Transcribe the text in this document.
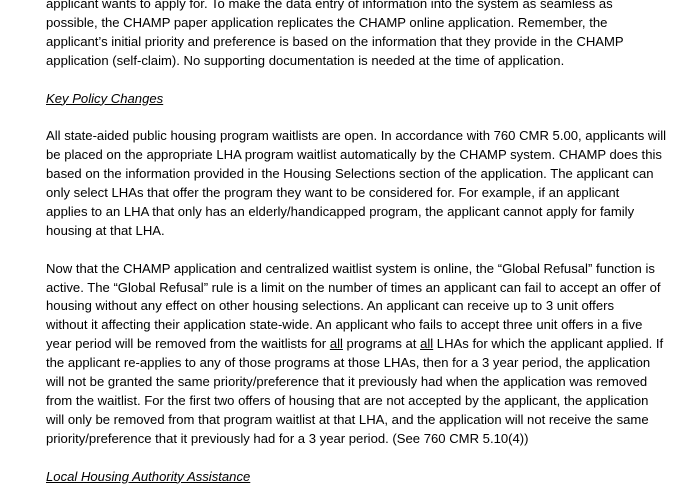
applicant wants to apply for. To make the data entry of information into the system as seamless as

possible, the CHAMP paper application replicates the CHAMP online application. Remember, the

applicant’s initial priority and preference is based on the information that they provide in the CHAMP

application (self-claim). No supporting documentation is needed at the time of application.

Key Policy Changes

All state-aided public housing program waitlists are open. In accordance with 760 CMR 5.00, applicants will

be placed on the appropriate LHA program waitlist automatically by the CHAMP system. CHAMP does this

based on the information provided in the Housing Selections section of the application. The applicant can

only select LHAs that offer the program they want to be considered for. For example, if an applicant

applies to an LHA that only has an elderly/handicapped program, the applicant cannot apply for family

housing at that LHA.

Now that the CHAMP application and centralized waitlist system is online, the “Global Refusal” function is

active. The “Global Refusal” rule is a limit on the number of times an applicant can fail to accept an offer of

housing without any effect on other housing selections. An applicant can receive up to 3 unit offers

without it affecting their application state-wide. An applicant who fails to accept three unit offers in a five

year period will be removed from the waitlists for all programs at all LHAs for which the applicant applied. If

the applicant re-applies to any of those programs at those LHAs, then for a 3 year period, the application

will not be granted the same priority/preference that it previously had when the application was removed

from the waitlist. For the first two offers of housing that are not accepted by the applicant, the application

will only be removed from that program waitlist at that LHA, and the application will not receive the same

priority/preference that it previously had for a 3 year period. (See 760 CMR 5.10(4))

Local Housing Authority Assistance
